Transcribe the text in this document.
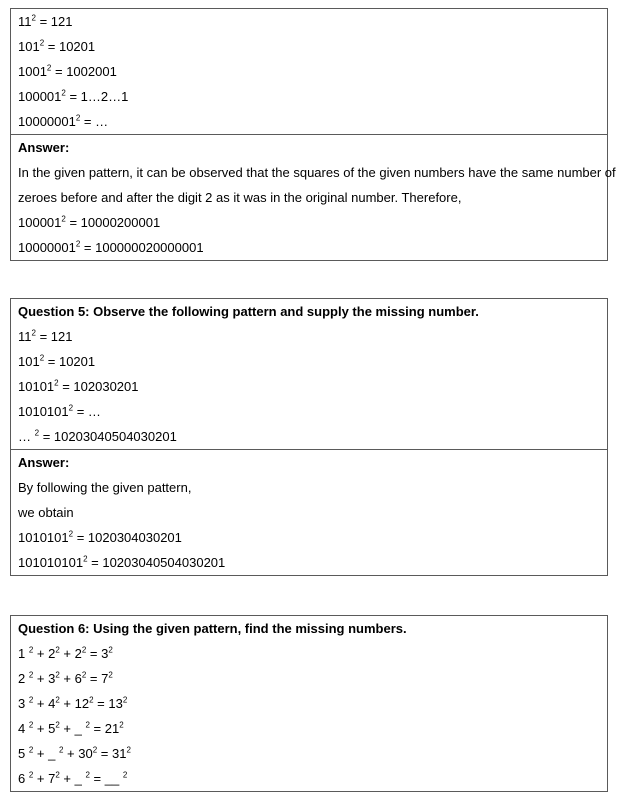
$11^2 = 121$
$101^2 = 10201$
$1001^2 = 1002001$
$100001^2$ = 1…2…1
$10000001^2$ = …
Answer:
In the given pattern, it can be observed that the squares of the given numbers have the same number of
zeroes before and after the digit 2 as it was in the original number. Therefore,
$100001^2 = 10000200001$
$10000001^2 = 100000020000001$
Question 5: Observe the following pattern and supply the missing number.
$11^2 = 121$
$101^2 = 10201$
$10101^2 = 102030201$
$1010101^2$ = …
… $^2$ = 10203040504030201
Answer:
By following the given pattern,
we obtain
$1010101^2 = 1020304030201$
$101010101^2 = 10203040504030201$
Question 6: Using the given pattern, find the missing numbers.
1 $^2 + 2^2 + 2^2 = 3^2$
2 $^2 + 3^2 + 6^2 = 7^2$
3 $^2 + 4^2 + 12^2 = 13^2$
4 $^2 + 5^2$ + _ $^2 = 21^2$
5 $^2$ + _ $^2 + 30^2 = 31^2$
6 $^2 + 7^2$ + _ $^2$ = __ $^2$
